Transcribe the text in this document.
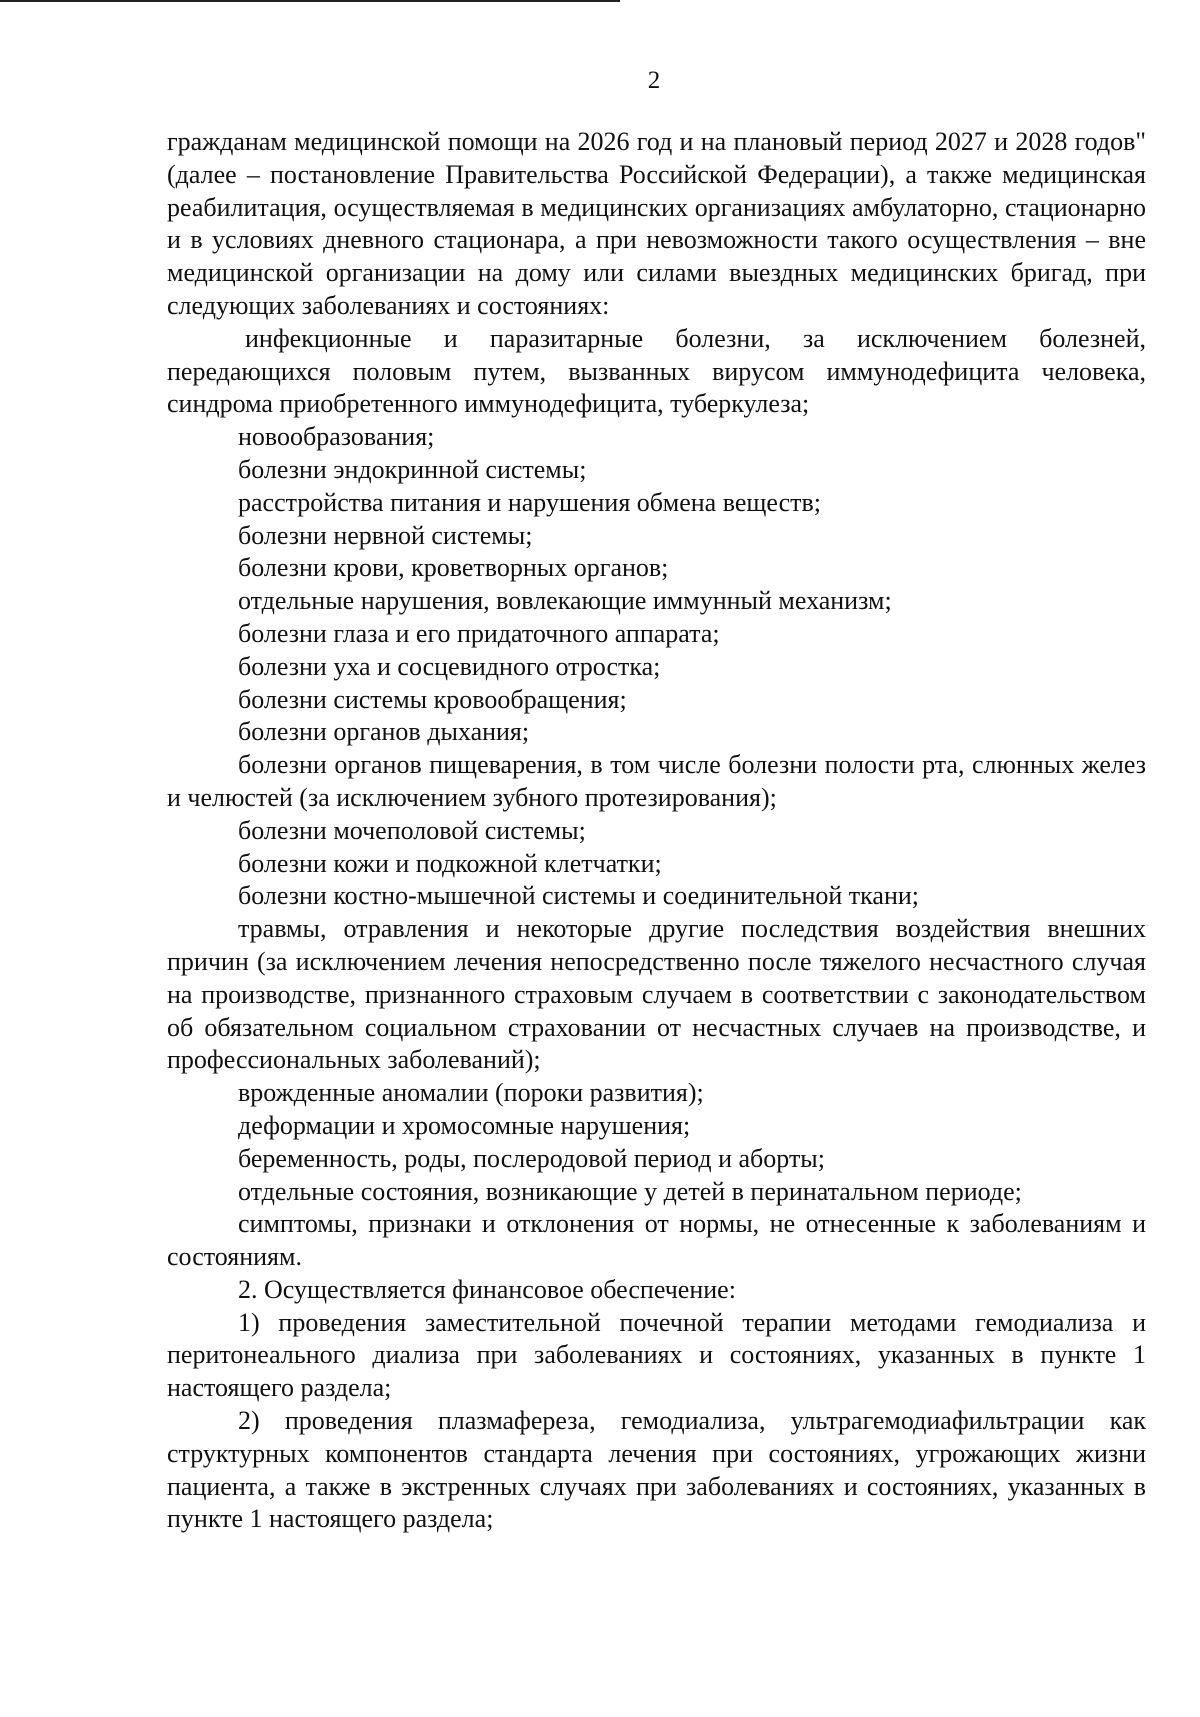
2

гражданам медицинской помощи на 2026 год и на плановый период 2027 и 2028 годов" (далее – постановление Правительства Российской Федерации), а также медицинская реабилитация, осуществляемая в медицинских организациях амбулаторно, стационарно и в условиях дневного стационара, а при невозможности такого осуществления – вне медицинской организации на дому или силами выездных медицинских бригад, при следующих заболеваниях и состояниях:

инфекционные и паразитарные болезни, за исключением болезней, передающихся половым путем, вызванных вирусом иммунодефицита человека, синдрома приобретенного иммунодефицита, туберкулеза;

новообразования;

болезни эндокринной системы;

расстройства питания и нарушения обмена веществ;

болезни нервной системы;

болезни крови, кроветворных органов;

отдельные нарушения, вовлекающие иммунный механизм;

болезни глаза и его придаточного аппарата;

болезни уха и сосцевидного отростка;

болезни системы кровообращения;

болезни органов дыхания;

болезни органов пищеварения, в том числе болезни полости рта, слюнных желез и челюстей (за исключением зубного протезирования);

болезни мочеполовой системы;

болезни кожи и подкожной клетчатки;

болезни костно-мышечной системы и соединительной ткани;

травмы, отравления и некоторые другие последствия воздействия внешних причин (за исключением лечения непосредственно после тяжелого несчастного случая на производстве, признанного страховым случаем в соответствии с законодательством об обязательном социальном страховании от несчастных случаев на производстве, и профессиональных заболеваний);

врожденные аномалии (пороки развития);

деформации и хромосомные нарушения;

беременность, роды, послеродовой период и аборты;

отдельные состояния, возникающие у детей в перинатальном периоде;

симптомы, признаки и отклонения от нормы, не отнесенные к заболеваниям и состояниям.

2. Осуществляется финансовое обеспечение:

1) проведения заместительной почечной терапии методами гемодиализа и перитонеального диализа при заболеваниях и состояниях, указанных в пункте 1 настоящего раздела;

2) проведения плазмафереза, гемодиализа, ультрагемодиафильтрации как структурных компонентов стандарта лечения при состояниях, угрожающих жизни пациента, а также в экстренных случаях при заболеваниях и состояниях, указанных в пункте 1 настоящего раздела;
